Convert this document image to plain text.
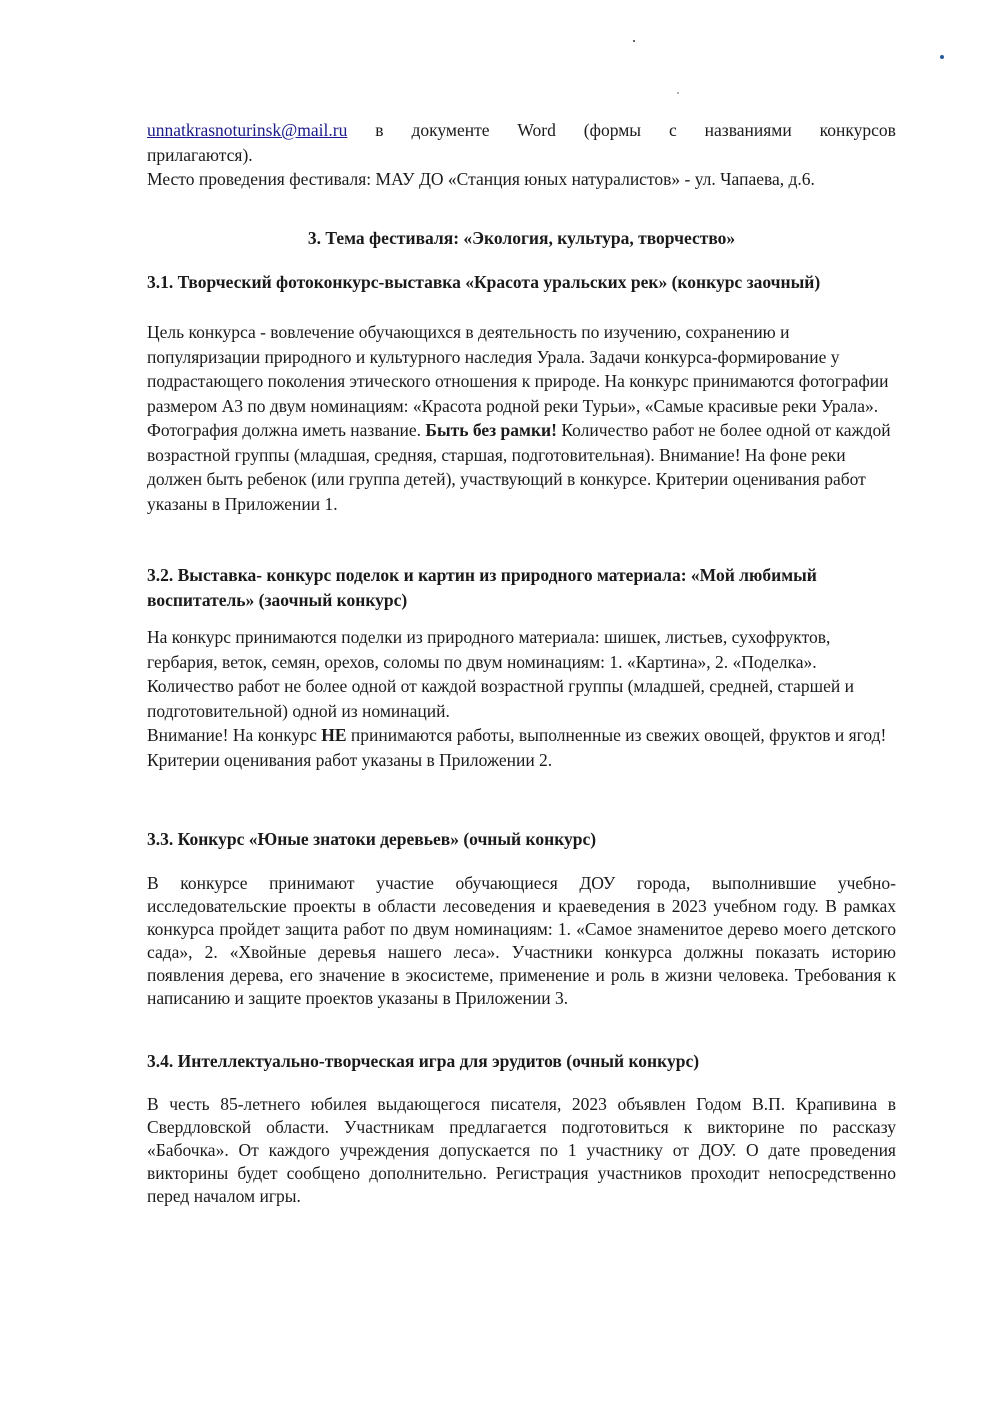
unnatkrasnoturinsk@mail.ru в документе Word (формы с названиями конкурсов
прилагаются).
Место проведения фестиваля: МАУ ДО «Станция юных натуралистов» - ул. Чапаева, д.6.
3. Тема фестиваля: «Экология, культура, творчество»
3.1. Творческий фотоконкурс-выставка «Красота уральских рек» (конкурс заочный)

Цель конкурса - вовлечение обучающихся в деятельность по изучению, сохранению и популяризации природного и культурного наследия Урала. Задачи конкурса-формирование у подрастающего поколения этического отношения к природе. На конкурс принимаются фотографии размером А3 по двум номинациям: «Красота родной реки Турьи», «Самые красивые реки Урала». Фотография должна иметь название. Быть без рамки! Количество работ не более одной от каждой возрастной группы (младшая, средняя, старшая, подготовительная). Внимание! На фоне реки должен быть ребенок (или группа детей), участвующий в конкурсе. Критерии оценивания работ указаны в Приложении 1.

3.2. Выставка- конкурс поделок и картин из природного материала: «Мой любимый воспитатель» (заочный конкурс)
На конкурс принимаются поделки из природного материала: шишек, листьев, сухофруктов, гербария, веток, семян, орехов, соломы по двум номинациям: 1. «Картина», 2. «Поделка».
Количество работ не более одной от каждой возрастной группы (младшей, средней, старшей и подготовительной) одной из номинаций.
Внимание! На конкурс НЕ принимаются работы, выполненные из свежих овощей, фруктов и ягод! Критерии оценивания работ указаны в Приложении 2.
3.3. Конкурс «Юные знатоки деревьев» (очный конкурс)

В конкурсе принимают участие обучающиеся ДОУ города, выполнившие учебно-исследовательские проекты в области лесоведения и краеведения в 2023 учебном году. В рамках конкурса пройдет защита работ по двум номинациям: 1. «Самое знаменитое дерево моего детского сада», 2. «Хвойные деревья нашего леса». Участники конкурса должны показать историю появления дерева, его значение в экосистеме, применение и роль в жизни человека. Требования к написанию и защите проектов указаны в Приложении 3.

3.4. Интеллектуально-творческая игра для эрудитов (очный конкурс)

В честь 85-летнего юбилея выдающегося писателя, 2023 объявлен Годом В.П. Крапивина в Свердловской области. Участникам предлагается подготовиться к викторине по рассказу «Бабочка». От каждого учреждения допускается по 1 участнику от ДОУ. О дате проведения викторины будет сообщено дополнительно. Регистрация участников проходит непосредственно перед началом игры.
